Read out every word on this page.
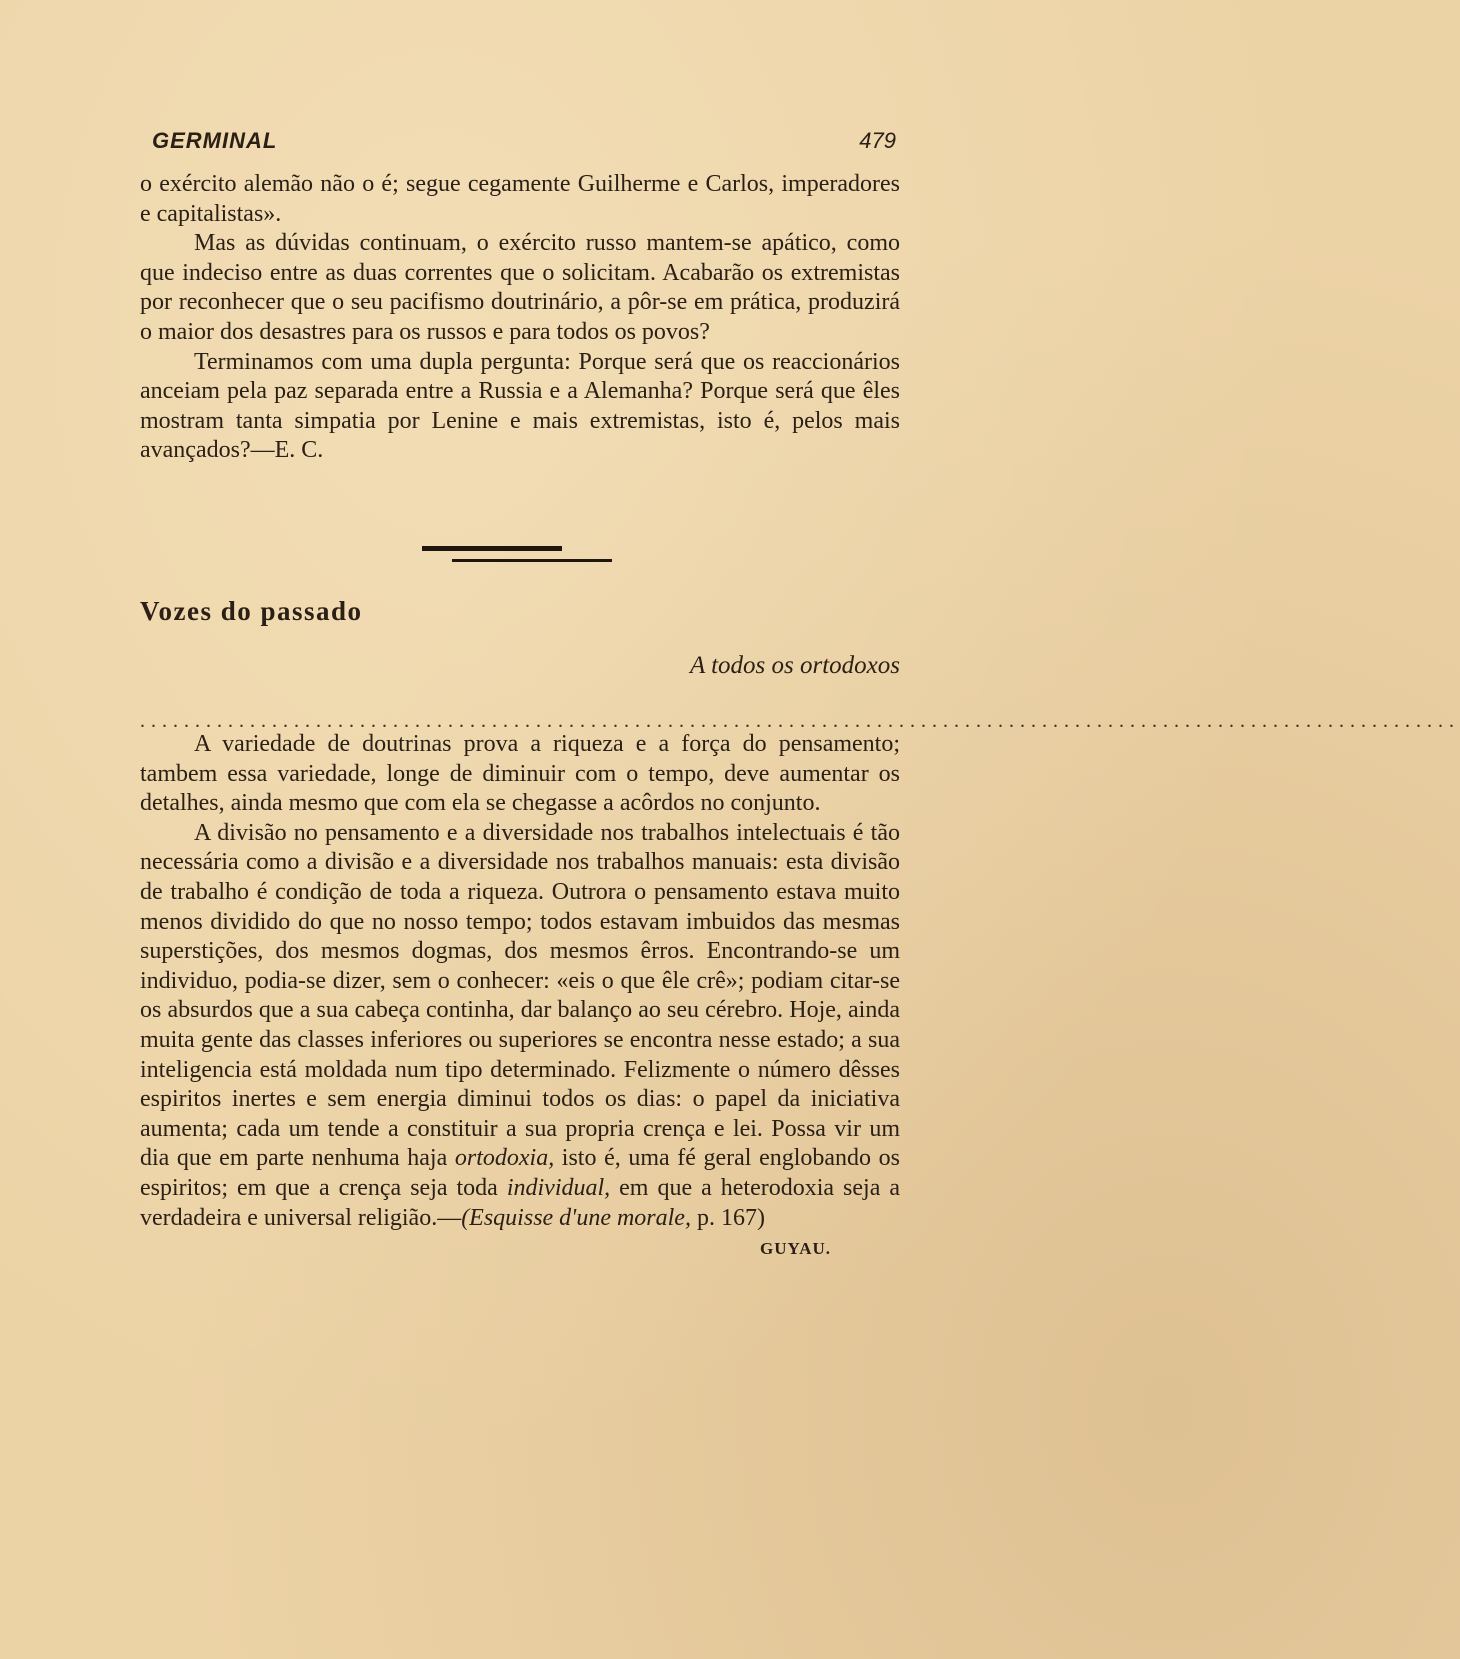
GERMINAL	479

o exército alemão não o é; segue cegamente Guilherme e Carlos, imperadores e capitalistas».

Mas as dúvidas continuam, o exército russo mantem-se apático, como que indeciso entre as duas correntes que o solicitam. Acabarão os extremistas por reconhecer que o seu pacifismo doutrinário, a pôr-se em prática, produzirá o maior dos desastres para os russos e para todos os povos?

Terminamos com uma dupla pergunta: Porque será que os reaccionários anceiam pela paz separada entre a Russia e a Alemanha? Porque será que êles mostram tanta simpatia por Lenine e mais extremistas, isto é, pelos mais avançados?—E. C.

Vozes do passado
A todos os ortodoxos
........................................................................................................................

A variedade de doutrinas prova a riqueza e a força do pensamento; tambem essa variedade, longe de diminuir com o tempo, deve aumentar os detalhes, ainda mesmo que com ela se chegasse a acôrdos no conjunto.

A divisão no pensamento e a diversidade nos trabalhos intelectuais é tão necessária como a divisão e a diversidade nos trabalhos manuais: esta divisão de trabalho é condição de toda a riqueza. Outrora o pensamento estava muito menos dividido do que no nosso tempo; todos estavam imbuidos das mesmas superstições, dos mesmos dogmas, dos mesmos êrros. Encontrando-se um individuo, podia-se dizer, sem o conhecer: «eis o que êle crê»; podiam citar-se os absurdos que a sua cabeça continha, dar balanço ao seu cérebro. Hoje, ainda muita gente das classes inferiores ou superiores se encontra nesse estado; a sua inteligencia está moldada num tipo determinado. Felizmente o número dêsses espiritos inertes e sem energia diminui todos os dias: o papel da iniciativa aumenta; cada um tende a constituir a sua propria crença e lei. Possa vir um dia que em parte nenhuma haja ortodoxia, isto é, uma fé geral englobando os espiritos; em que a crença seja toda individual, em que a heterodoxia seja a verdadeira e universal religião.—(Esquisse d'une morale, p. 167)

GUYAU.
